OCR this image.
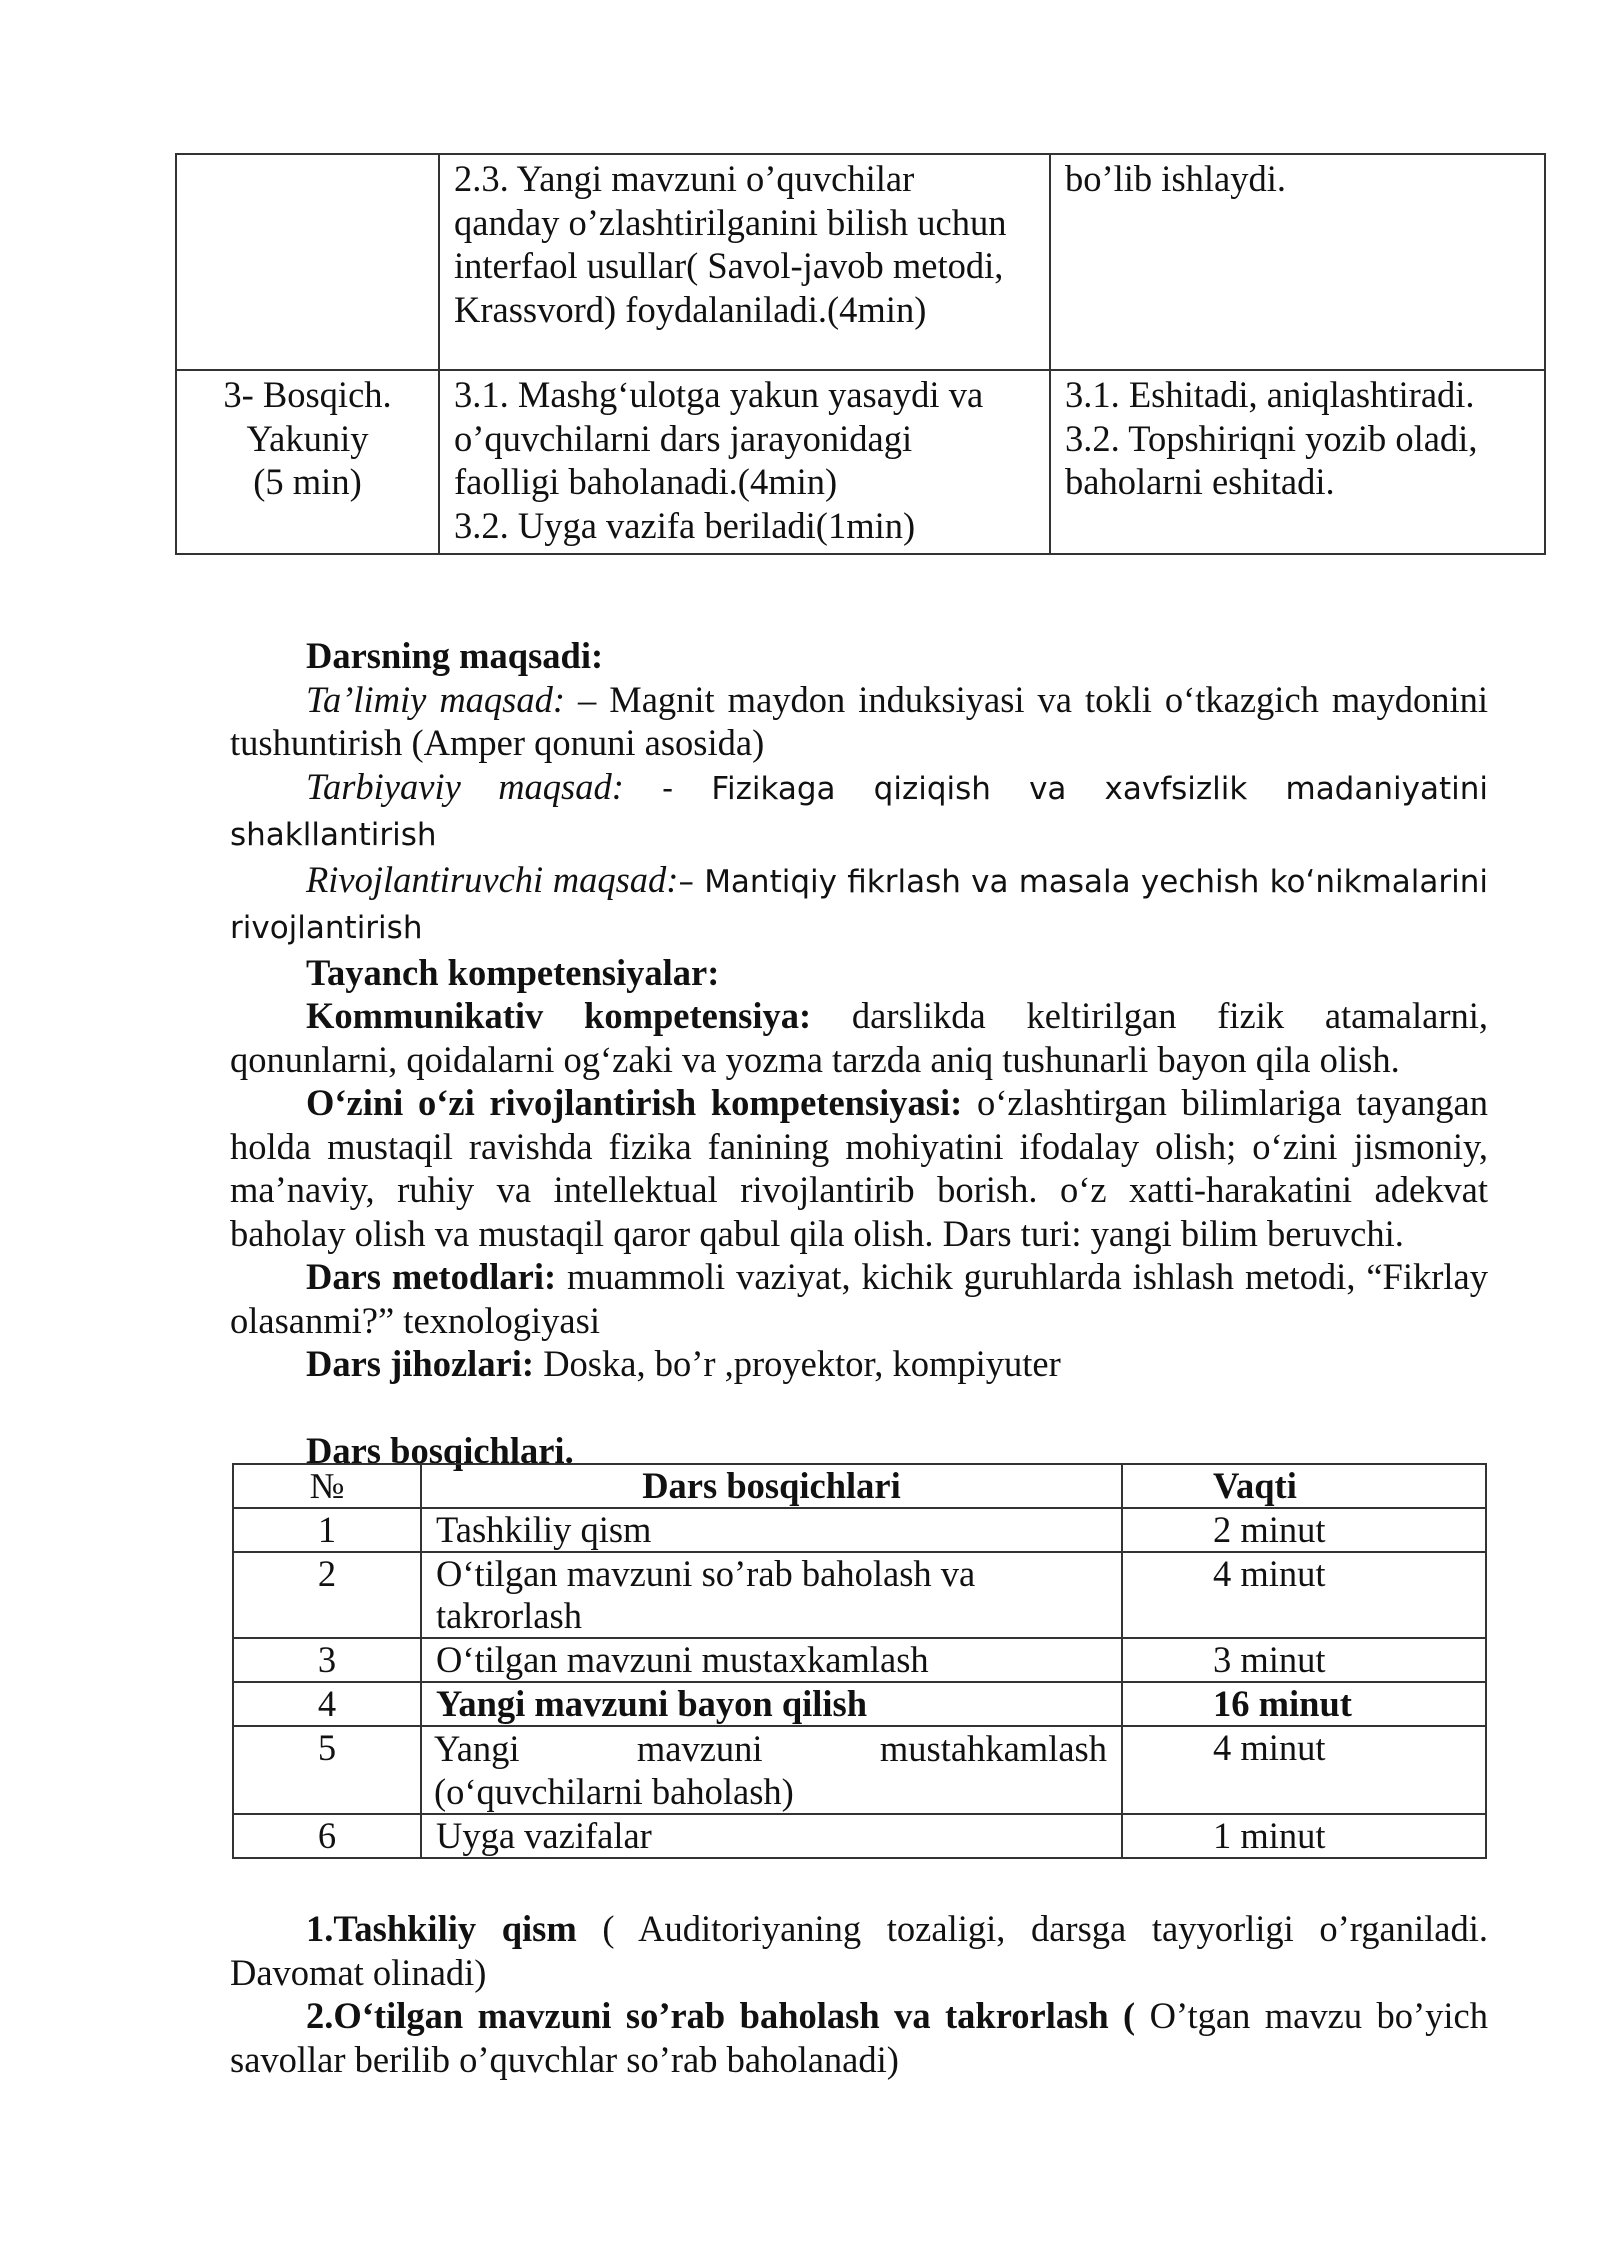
	2.3. Yangi mavzuni o’quvchilar
qanday o’zlashtirilganini bilish uchun
interfaol usullar( Savol-javob metodi,
Krassvord) foydalaniladi.(4min)	bo’lib ishlaydi.

3- Bosqich.
Yakuniy
(5 min)	3.1. Mashg‘ulotga yakun yasaydi va
o’quvchilarni dars jarayonidagi
faolligi baholanadi.(4min)
3.2. Uyga vazifa beriladi(1min)	3.1. Eshitadi, aniqlashtiradi.
3.2. Topshiriqni yozib oladi,
baholarni eshitadi.

Darsning maqsadi:

Ta’limiy maqsad: – Magnit maydon induksiyasi va tokli o‘tkazgich maydonini tushuntirish (Amper qonuni asosida)

Tarbiyaviy maqsad: - Fizikaga qiziqish va xavfsizlik madaniyatini shakllantirish

Rivojlantiruvchi maqsad:– Mantiqiy fikrlash va masala yechish ko‘nikmalarini rivojlantirish

Tayanch kompetensiyalar:

Kommunikativ kompetensiya: darslikda keltirilgan fizik atamalarni, qonunlarni, qoidalarni og‘zaki va yozma tarzda aniq tushunarli bayon qila olish.

O‘zini o‘zi rivojlantirish kompetensiyasi: o‘zlashtirgan bilimlariga tayangan holda mustaqil ravishda fizika fanining mohiyatini ifodalay olish; o‘zini jismoniy, ma’naviy, ruhiy va intellektual rivojlantirib borish. o‘z xatti-harakatini adekvat baholay olish va mustaqil qaror qabul qila olish. Dars turi: yangi bilim beruvchi.

Dars metodlari: muammoli vaziyat, kichik guruhlarda ishlash metodi, “Fikrlay olasanmi?” texnologiyasi

Dars jihozlari: Doska, bo’r ,proyektor, kompiyuter

Dars bosqichlari.

№	Dars bosqichlari	Vaqti
1	Tashkiliy qism	2 minut
2	O‘tilgan mavzuni so’rab baholash va takrorlash	4 minut
3	O‘tilgan mavzuni mustaxkamlash	3 minut
4	Yangi mavzuni bayon qilish	16 minut
5	Yangi mavzuni mustahkamlash (o‘quvchilarni baholash)	4 minut
6	Uyga vazifalar	1 minut

1.Tashkiliy qism ( Auditoriyaning tozaligi, darsga tayyorligi o’rganiladi. Davomat olinadi)

2.O‘tilgan mavzuni so’rab baholash va takrorlash ( O’tgan mavzu bo’yich savollar berilib o’quvchlar so’rab baholanadi)
